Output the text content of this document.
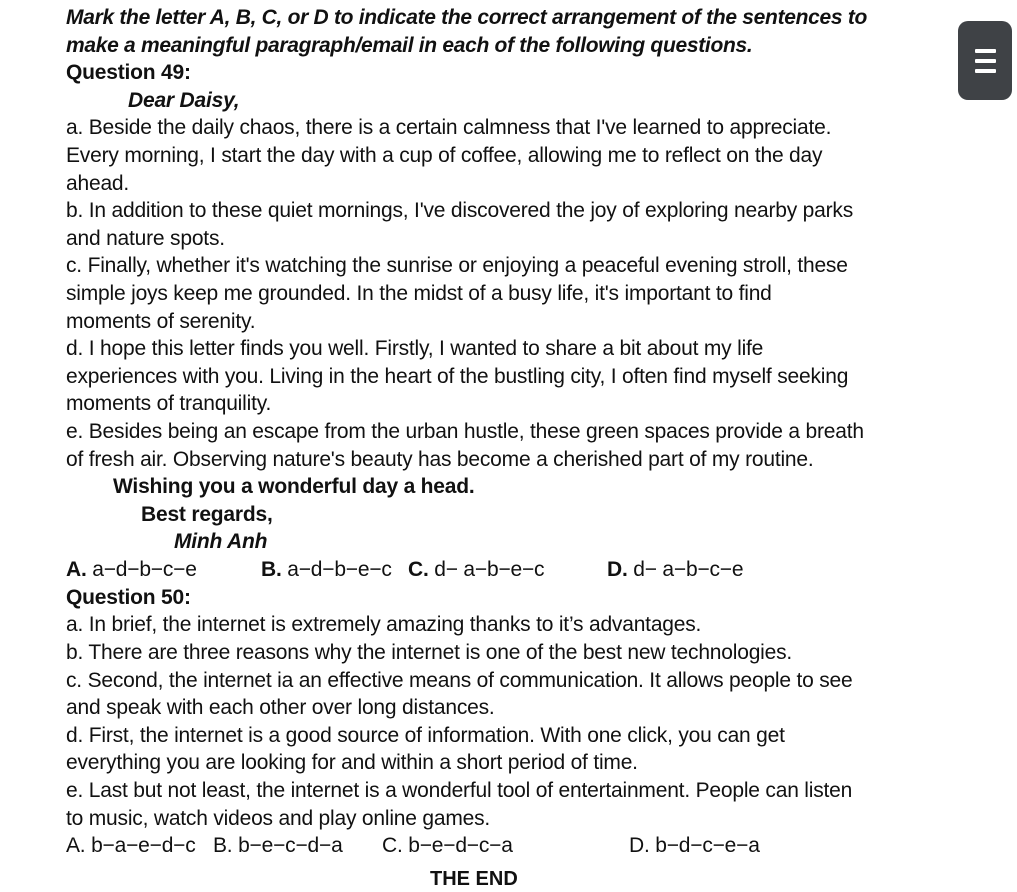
Mark the letter A, B, C, or D to indicate the correct arrangement of the sentences to
make a meaningful paragraph/email in each of the following questions.
Question 49:
Dear Daisy,
a. Beside the daily chaos, there is a certain calmness that I've learned to appreciate.
Every morning, I start the day with a cup of coffee, allowing me to reflect on the day
ahead.
b. In addition to these quiet mornings, I've discovered the joy of exploring nearby parks
and nature spots.
c. Finally, whether it's watching the sunrise or enjoying a peaceful evening stroll, these
simple joys keep me grounded. In the midst of a busy life, it's important to find
moments of serenity.
d. I hope this letter finds you well. Firstly, I wanted to share a bit about my life
experiences with you. Living in the heart of the bustling city, I often find myself seeking
moments of tranquility.
e. Besides being an escape from the urban hustle, these green spaces provide a breath
of fresh air. Observing nature's beauty has become a cherished part of my routine.
Wishing you a wonderful day a head.
Best regards,
Minh Anh
A. a−d−b−c−e	B. a−d−b−e−c C. d− a−b−e−c	D. d− a−b−c−e
Question 50:
a. In brief, the internet is extremely amazing thanks to it’s advantages.
b. There are three reasons why the internet is one of the best new technologies.
c. Second, the internet ia an effective means of communication. It allows people to see
and speak with each other over long distances.
d. First, the internet is a good source of information. With one click, you can get
everything you are looking for and within a short period of time.
e. Last but not least, the internet is a wonderful tool of entertainment. People can listen
to music, watch videos and play online games.
A. b−a−e−d−c B. b−e−c−d−a C. b−e−d−c−a	D. b−d−c−e−a
THE END
